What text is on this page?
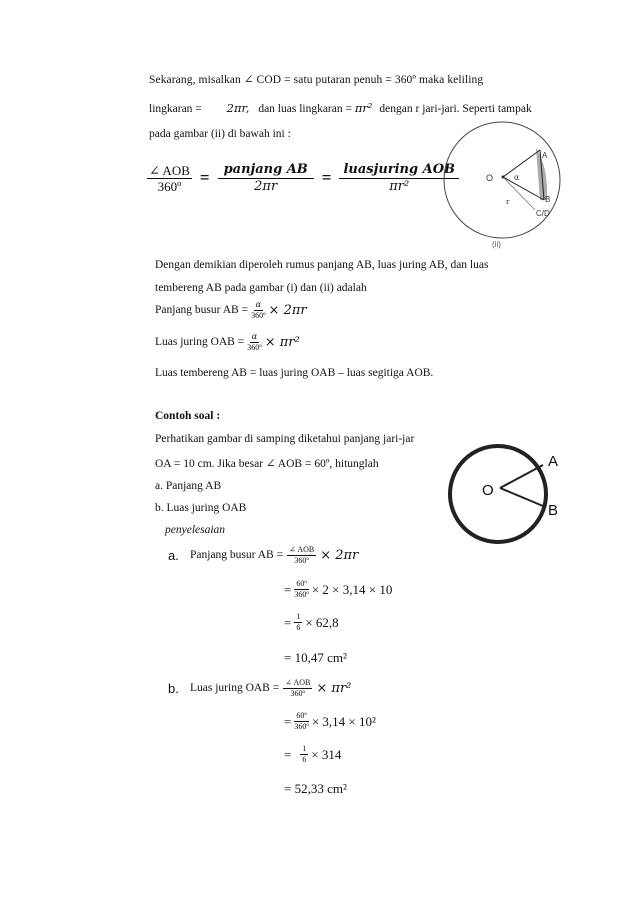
Sekarang, misalkan ∠ COD = satu putaran penuh = 360º maka keliling
lingkaran = 2πr, dan luas lingkaran = πr² dengan r jari-jari. Seperti tampak
pada gambar (ii) di bawah ini :
$\frac{\text{∠ AOB}}{\text{360º}} = \frac{\text{panjang AB}}{2\pi r} = \frac{\text{luasjuring AOB}}{\text{πr²}}$	O	α
A
B
C/D
r
(ii)
Dengan demikian diperoleh rumus panjang AB, luas juring AB, dan luas
tembereng AB pada gambar (i) dan (ii) adalah
Panjang busur AB = $\frac{\alpha}{\text{360º}} \times 2\pi r$
Luas juring OAB = $\frac{\alpha}{\text{360º}} \times \pi r^2$
Luas tembereng AB = luas juring OAB – luas segitiga AOB.
Contoh soal :
Perhatikan gambar di samping diketahui panjang jari-jar
OA = 10 cm. Jika besar ∠ AOB = 60º, hitunglah
a. Panjang AB
b. Luas juring OAB
penyelesaian
O
A
B
a. Panjang busur AB = $\frac{\text{∠ AOB}}{\text{360º}} \times 2\pi r$
= $\frac{\text{60º}}{\text{360º}} \times 2 \times 3,14 \times 10$
= $\frac{1}{6} \times 62,8$
= 10,47 cm²
b. Luas juring OAB = $\frac{\text{∠ AOB}}{\text{360º}} \times \pi r^2$
= $\frac{\text{60º}}{\text{360º}} \times 3,14 \times 10^2$
= $\frac{1}{6} \times 314$
= 52,33 cm²
